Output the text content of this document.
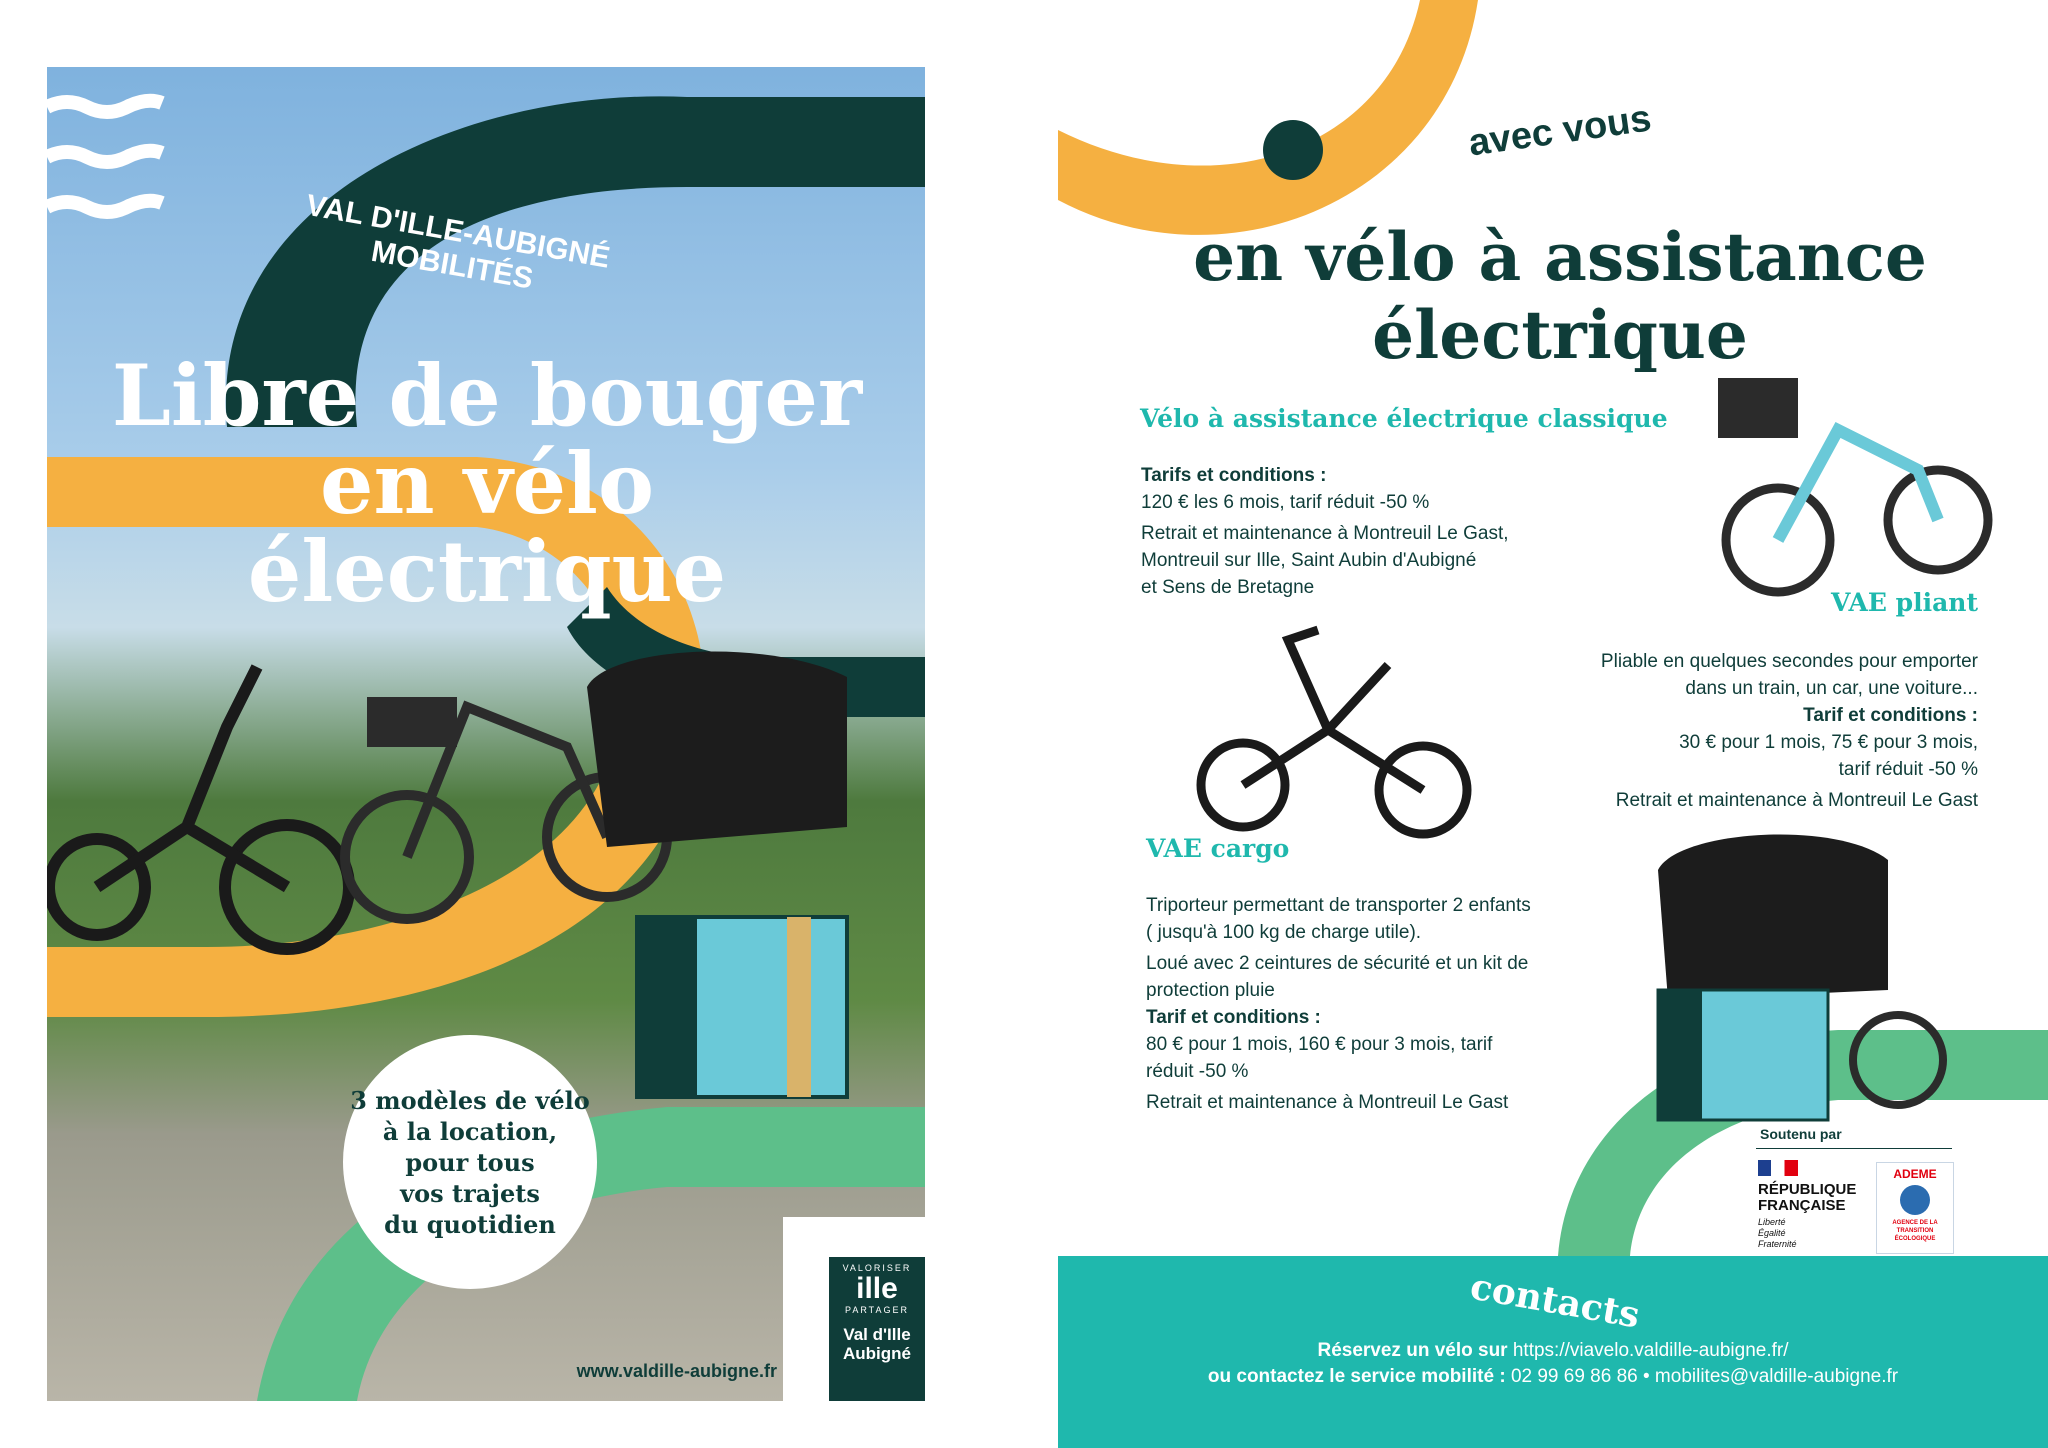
VAL D'ILLE-AUBIGNÉ MOBILITÉS
Libre de bouger
en vélo
électrique
3 modèles de vélo
à la location,
pour tous
vos trajets
du quotidien
VALORISER
ille
PARTAGER
Val d'Ille
Aubigné
www.valdille-aubigne.fr
avec vous
en vélo à assistance
électrique
Vélo à assistance électrique classique
Tarifs et conditions :
120 € les 6 mois, tarif réduit -50 %
Retrait et maintenance à Montreuil Le Gast,
Montreuil sur Ille, Saint Aubin d'Aubigné
et Sens de Bretagne
VAE pliant
Pliable en quelques secondes pour emporter
dans un train, un car, une voiture...
Tarif et conditions :
30 € pour 1 mois, 75 € pour 3 mois,
tarif réduit -50 %
Retrait et maintenance à Montreuil Le Gast
VAE cargo
Triporteur permettant de transporter 2 enfants
( jusqu'à 100 kg de charge utile).
Loué avec 2 ceintures de sécurité et un kit de
protection pluie
Tarif et conditions :
80 € pour 1 mois, 160 € pour 3 mois, tarif
réduit -50 %
Retrait et maintenance à Montreuil Le Gast
Soutenu par
RÉPUBLIQUE
FRANÇAISE
Liberté
Égalité
Fraternité
ADEME
AGENCE DE LA
TRANSITION
ÉCOLOGIQUE
contacts
Réservez un vélo sur https://viavelo.valdille-aubigne.fr/
ou contactez le service mobilité : 02 99 69 86 86 • mobilites@valdille-aubigne.fr
